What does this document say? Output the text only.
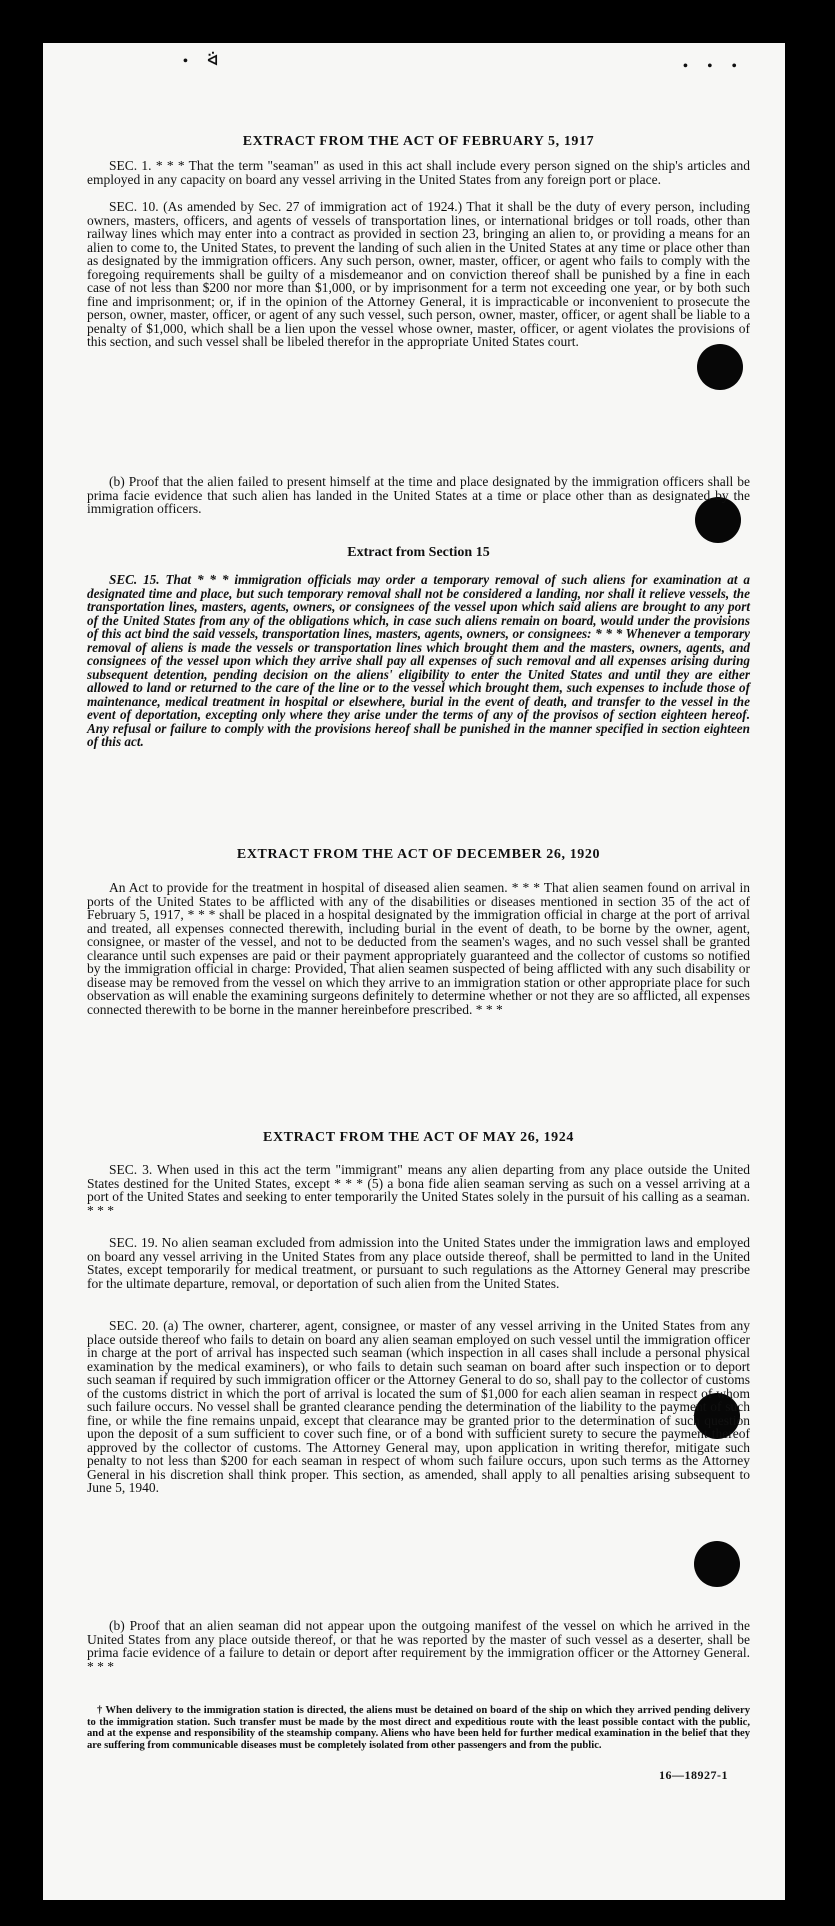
• ᐛ	• • •
EXTRACT FROM THE ACT OF FEBRUARY 5, 1917

SEC. 1. * * * That the term "seaman" as used in this act shall include every person signed on the ship's articles and employed in any capacity on board any vessel arriving in the United States from any foreign port or place.

SEC. 10. (As amended by Sec. 27 of immigration act of 1924.) That it shall be the duty of every person, including owners, masters, officers, and agents of vessels of transportation lines, or international bridges or toll roads, other than railway lines which may enter into a contract as provided in section 23, bringing an alien to, or providing a means for an alien to come to, the United States, to prevent the landing of such alien in the United States at any time or place other than as designated by the immigration officers. Any such person, owner, master, officer, or agent who fails to comply with the foregoing requirements shall be guilty of a misdemeanor and on conviction thereof shall be punished by a fine in each case of not less than $200 nor more than $1,000, or by imprisonment for a term not exceeding one year, or by both such fine and imprisonment; or, if in the opinion of the Attorney General, it is impracticable or inconvenient to prosecute the person, owner, master, officer, or agent of any such vessel, such person, owner, master, officer, or agent shall be liable to a penalty of $1,000, which shall be a lien upon the vessel whose owner, master, officer, or agent violates the provisions of this section, and such vessel shall be libeled therefor in the appropriate United States court.

(b) Proof that the alien failed to present himself at the time and place designated by the immigration officers shall be prima facie evidence that such alien has landed in the United States at a time or place other than as designated by the immigration officers.

Extract from Section 15

SEC. 15. That * * * immigration officials may order a temporary removal of such aliens for examination at a designated time and place, but such temporary removal shall not be considered a landing, nor shall it relieve vessels, the transportation lines, masters, agents, owners, or consignees of the vessel upon which said aliens are brought to any port of the United States from any of the obligations which, in case such aliens remain on board, would under the provisions of this act bind the said vessels, transportation lines, masters, agents, owners, or consignees: * * * Whenever a temporary removal of aliens is made the vessels or transportation lines which brought them and the masters, owners, agents, and consignees of the vessel upon which they arrive shall pay all expenses of such removal and all expenses arising during subsequent detention, pending decision on the aliens' eligibility to enter the United States and until they are either allowed to land or returned to the care of the line or to the vessel which brought them, such expenses to include those of maintenance, medical treatment in hospital or elsewhere, burial in the event of death, and transfer to the vessel in the event of deportation, excepting only where they arise under the terms of any of the provisos of section eighteen hereof. Any refusal or failure to comply with the provisions hereof shall be punished in the manner specified in section eighteen of this act.

EXTRACT FROM THE ACT OF DECEMBER 26, 1920

An Act to provide for the treatment in hospital of diseased alien seamen. * * * That alien seamen found on arrival in ports of the United States to be afflicted with any of the disabilities or diseases mentioned in section 35 of the act of February 5, 1917, * * * shall be placed in a hospital designated by the immigration official in charge at the port of arrival and treated, all expenses connected therewith, including burial in the event of death, to be borne by the owner, agent, consignee, or master of the vessel, and not to be deducted from the seamen's wages, and no such vessel shall be granted clearance until such expenses are paid or their payment appropriately guaranteed and the collector of customs so notified by the immigration official in charge: Provided, That alien seamen suspected of being afflicted with any such disability or disease may be removed from the vessel on which they arrive to an immigration station or other appropriate place for such observation as will enable the examining surgeons definitely to determine whether or not they are so afflicted, all expenses connected therewith to be borne in the manner hereinbefore prescribed. * * *

EXTRACT FROM THE ACT OF MAY 26, 1924

SEC. 3. When used in this act the term "immigrant" means any alien departing from any place outside the United States destined for the United States, except * * * (5) a bona fide alien seaman serving as such on a vessel arriving at a port of the United States and seeking to enter temporarily the United States solely in the pursuit of his calling as a seaman. * * *

SEC. 19. No alien seaman excluded from admission into the United States under the immigration laws and employed on board any vessel arriving in the United States from any place outside thereof, shall be permitted to land in the United States, except temporarily for medical treatment, or pursuant to such regulations as the Attorney General may prescribe for the ultimate departure, removal, or deportation of such alien from the United States.

SEC. 20. (a) The owner, charterer, agent, consignee, or master of any vessel arriving in the United States from any place outside thereof who fails to detain on board any alien seaman employed on such vessel until the immigration officer in charge at the port of arrival has inspected such seaman (which inspection in all cases shall include a personal physical examination by the medical examiners), or who fails to detain such seaman on board after such inspection or to deport such seaman if required by such immigration officer or the Attorney General to do so, shall pay to the collector of customs of the customs district in which the port of arrival is located the sum of $1,000 for each alien seaman in respect of whom such failure occurs. No vessel shall be granted clearance pending the determination of the liability to the payment of such fine, or while the fine remains unpaid, except that clearance may be granted prior to the determination of such question upon the deposit of a sum sufficient to cover such fine, or of a bond with sufficient surety to secure the payment thereof approved by the collector of customs. The Attorney General may, upon application in writing therefor, mitigate such penalty to not less than $200 for each seaman in respect of whom such failure occurs, upon such terms as the Attorney General in his discretion shall think proper. This section, as amended, shall apply to all penalties arising subsequent to June 5, 1940.

(b) Proof that an alien seaman did not appear upon the outgoing manifest of the vessel on which he arrived in the United States from any place outside thereof, or that he was reported by the master of such vessel as a deserter, shall be prima facie evidence of a failure to detain or deport after requirement by the immigration officer or the Attorney General. * * *

† When delivery to the immigration station is directed, the aliens must be detained on board of the ship on which they arrived pending delivery to the immigration station. Such transfer must be made by the most direct and expeditious route with the least possible contact with the public, and at the expense and responsibility of the steamship company. Aliens who have been held for further medical examination in the belief that they are suffering from communicable diseases must be completely isolated from other passengers and from the public.

16—18927-1
